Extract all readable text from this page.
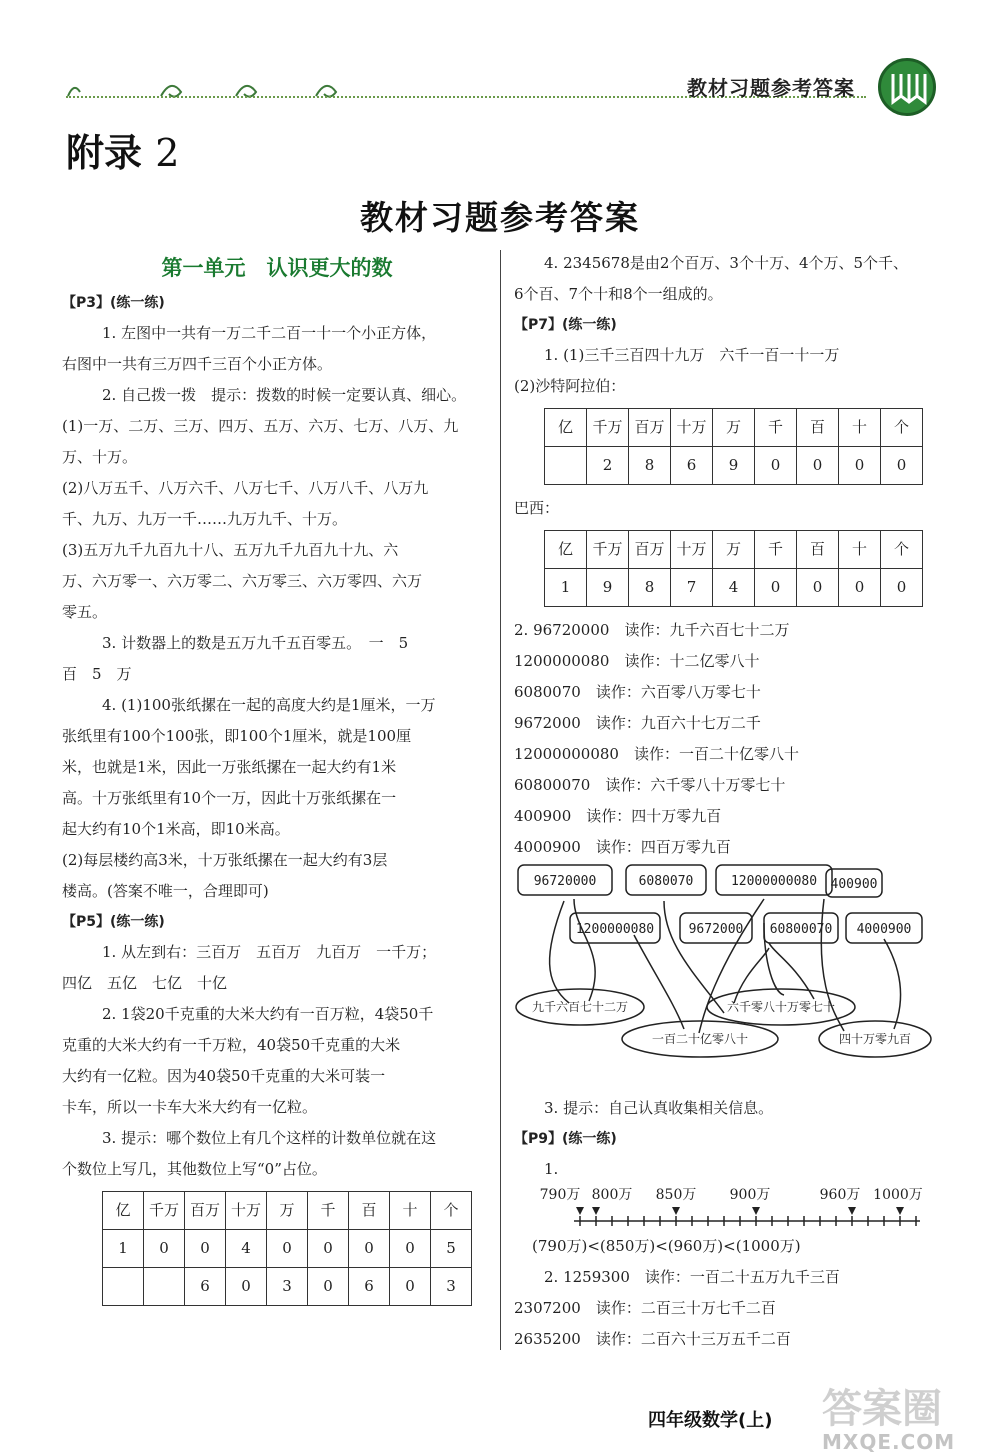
教材习题参考答案
附录 2
教材习题参考答案
第一单元　认识更大的数
【P3】(练一练)

1. 左图中一共有一万二千二百一十一个小正方体，

右图中一共有三万四千三百个小正方体。

2. 自己拨一拨　提示：拨数的时候一定要认真、细心。

(1)一万、二万、三万、四万、五万、六万、七万、八万、九

万、十万。

(2)八万五千、八万六千、八万七千、八万八千、八万九

千、九万、九万一千……九万九千、十万。

(3)五万九千九百九十八、五万九千九百九十九、六

万、六万零一、六万零二、六万零三、六万零四、六万

零五。

3. 计数器上的数是五万九千五百零五。　一　5

百　5　万

4. (1)100张纸摞在一起的高度大约是1厘米，一万

张纸里有100个100张，即100个1厘米，就是100厘

米，也就是1米，因此一万张纸摞在一起大约有1米

高。十万张纸里有10个一万，因此十万张纸摞在一

起大约有10个1米高，即10米高。

(2)每层楼约高3米，十万张纸摞在一起大约有3层

楼高。(答案不唯一，合理即可)

【P5】(练一练)

1. 从左到右：三百万　五百万　九百万　一千万；

四亿　五亿　七亿　十亿

2. 1袋20千克重的大米大约有一百万粒，4袋50千

克重的大米大约有一千万粒，40袋50千克重的大米

大约有一亿粒。因为40袋50千克重的大米可装一

卡车，所以一卡车大米大约有一亿粒。

3. 提示：哪个数位上有几个这样的计数单位就在这

个数位上写几，其他数位上写“0”占位。

亿	千万	百万	十万	万	千	百	十	个
1	0	0	4	0	0	0	0	5
		6	0	3	0	6	0	3

4. 2345678是由2个百万、3个十万、4个万、5个千、

6个百、7个十和8个一组成的。

【P7】(练一练)

1. (1)三千三百四十九万　六千一百一十一万

(2)沙特阿拉伯：

亿	千万	百万	十万	万	千	百	十	个
	2	8	6	9	0	0	0	0

巴西：

亿	千万	百万	十万	万	千	百	十	个
1	9	8	7	4	0	0	0	0

2. 96720000　 读作：九千六百七十二万

1200000080　 读作：十二亿零八十

6080070　 读作：六百零八万零七十

9672000　 读作：九百六十七万二千

12000000080　 读作：一百二十亿零八十

60800070　 读作：六千零八十万零七十

400900　 读作：四十万零九百

4000900　 读作：四百万零九百

96720000	6080070	12000000080 400900
1200000080	9672000 60800070 4000900
九千六百七十二万	六千零八十万零七十
一百二十亿零八十	四十万零九百

3. 提示：自己认真收集相关信息。

【P9】(练一练)

1.

790万 800万 850万 900万	960万 1000万

(790万)<(850万)<(960万)<(1000万)

2. 1259300　 读作：一百二十五万九千三百

2307200　 读作：二百三十万七千二百

2635200　 读作：二百六十三万五千二百

四年级数学(上) 答案圈
MXQE.COM
